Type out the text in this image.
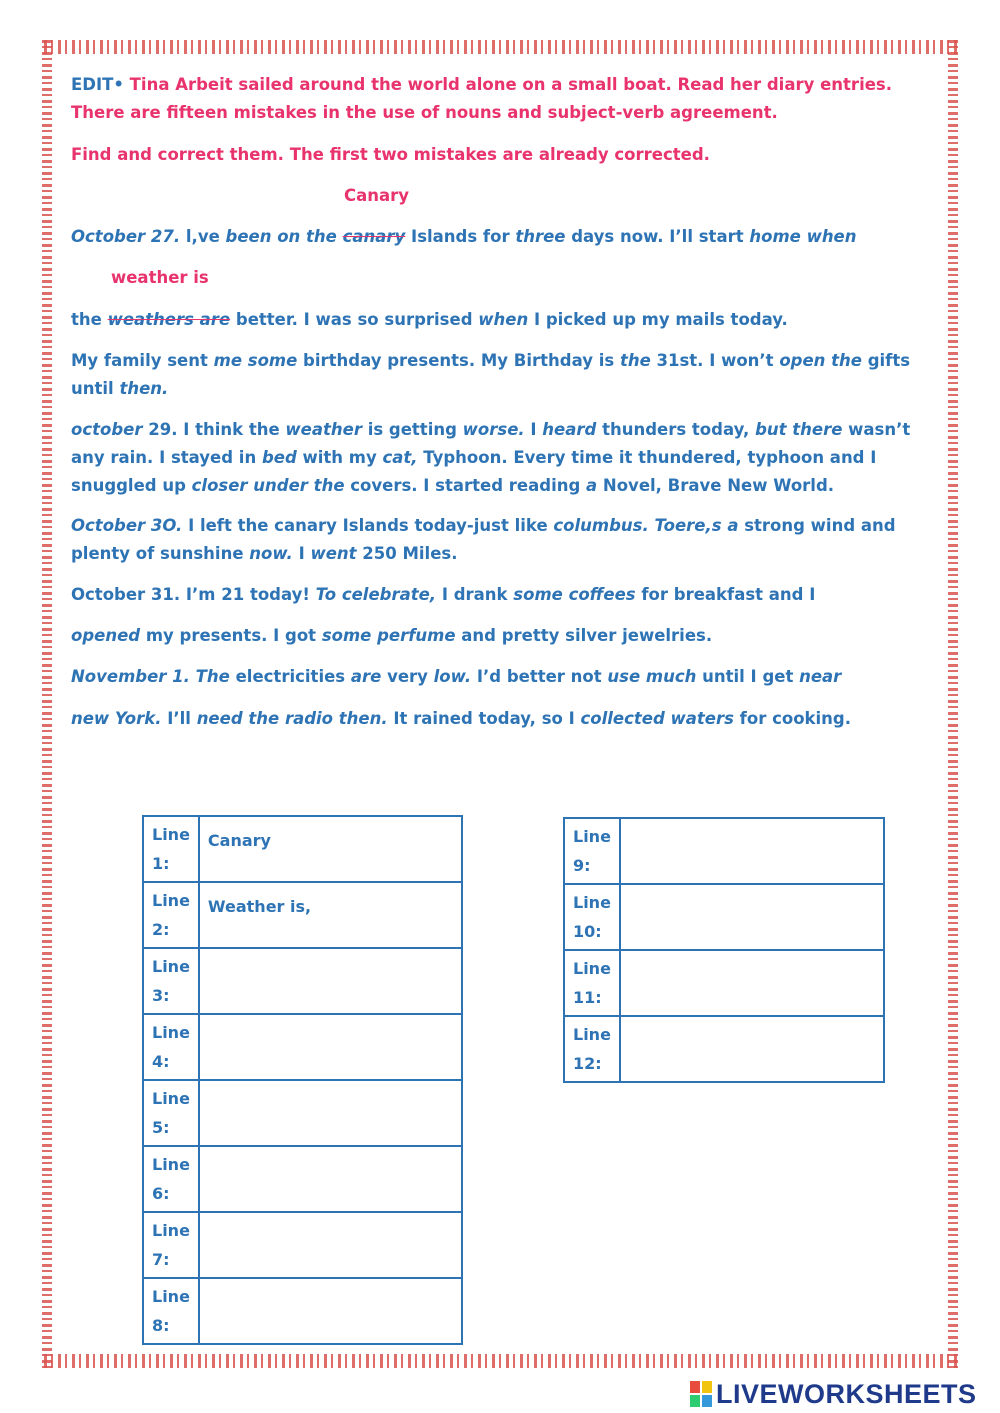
EDIT• Tina Arbeit sailed around the world alone on a small boat. Read her diary entries.
There are fifteen mistakes in the use of nouns and subject-verb agreement.
Find and correct them. The first two mistakes are already corrected.
Canary
October 27. l,ve been on the canary Islands for three days now. I’ll start home when
weather is
the weathers are better. I was so surprised when I picked up my mails today.
My family sent me some birthday presents. My Birthday is the 31st. I won’t open the gifts
until then.
october 29. I think the weather is getting worse. I heard thunders today, but there wasn’t
any rain. I stayed in bed with my cat, Typhoon. Every time it thundered, typhoon and I
snuggled up closer under the covers. I started reading a Novel, Brave New World.
October 3O. I left the canary Islands today-just like columbus. Toere,s a strong wind and
plenty of sunshine now. I went 250 Miles.
October 31. I’m 21 today! To celebrate, I drank some coffees for breakfast and I
opened my presents. I got some perfume and pretty silver jewelries.
November 1. The electricities are very low. I’d better not use much until I get near
new York. I’ll need the radio then. It rained today, so I collected waters for cooking.
Line
1:	Canary

Line
2:	Weather is,

Line
3:	

Line
4:	

Line
5:	

Line
6:	

Line
7:	

Line
8:	

Line
9:	

Line
10:	

Line
11:	

Line
12:	

LIVEWORKSHEETS
